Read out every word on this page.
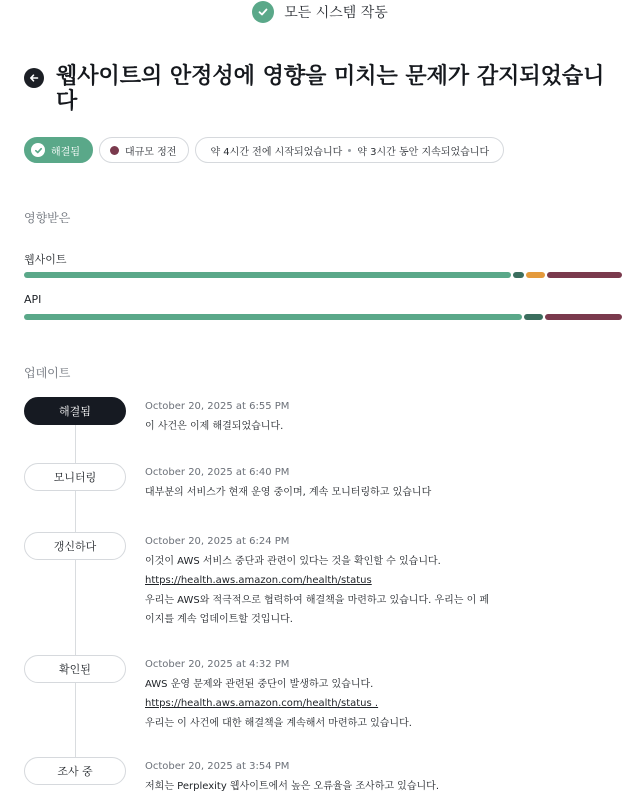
모든 시스템 작동
웹사이트의 안정성에 영향을 미치는 문제가 감지되었습니다
해결됨	대규모 정전	약 4시간 전에 시작되었습니다 약 3시간 동안 지속되었습니다
영향받은
웹사이트
API
업데이트
해결됨	October 20, 2025 at 6:55 PM
이 사건은 이제 해결되었습니다.
모니터링	October 20, 2025 at 6:40 PM
대부분의 서비스가 현재 운영 중이며, 계속 모니터링하고 있습니다
갱신하다	October 20, 2025 at 6:24 PM
이것이 AWS 서비스 중단과 관련이 있다는 것을 확인할 수 있습니다.
https://health.aws.amazon.com/health/status
우리는 AWS와 적극적으로 협력하여 해결책을 마련하고 있습니다. 우리는 이 페
이지를 계속 업데이트할 것입니다.
확인된	October 20, 2025 at 4:32 PM
AWS 운영 문제와 관련된 중단이 발생하고 있습니다.
https://health.aws.amazon.com/health/status .
우리는 이 사건에 대한 해결책을 계속해서 마련하고 있습니다.
조사 중	October 20, 2025 at 3:54 PM
저희는 Perplexity 웹사이트에서 높은 오류율을 조사하고 있습니다.
